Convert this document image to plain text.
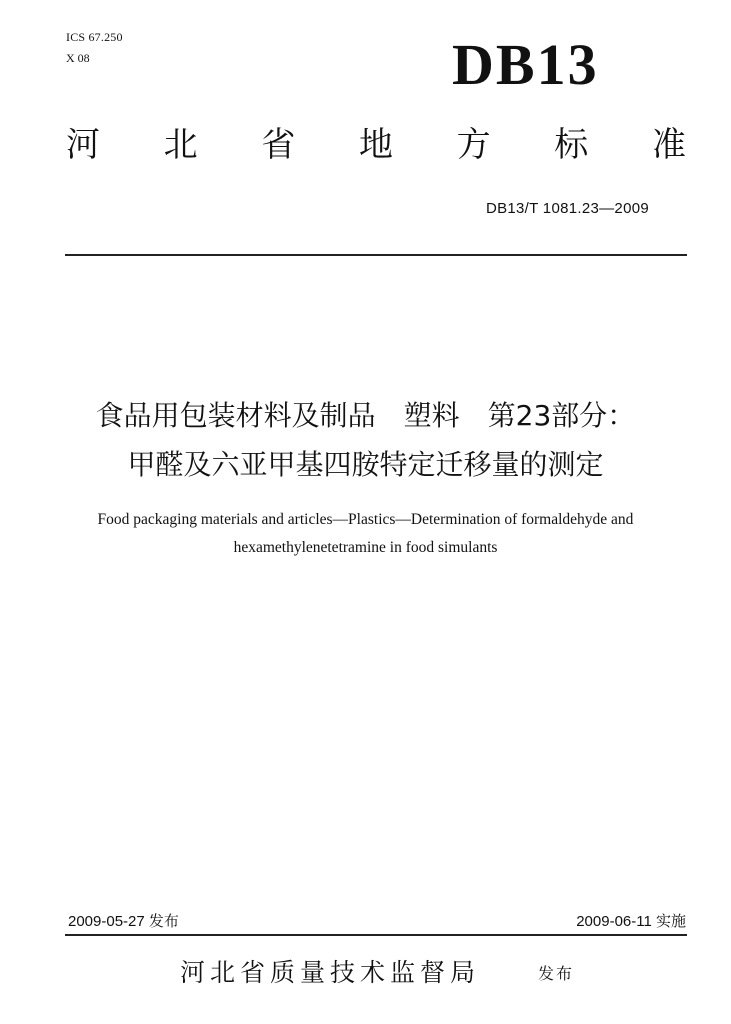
ICS 67.250
X 08	DB13
河 北 省 地 方 标 准
DB13/T 1081.23—2009
食品用包装材料及制品　塑料　第23部分：
甲醛及六亚甲基四胺特定迁移量的测定
Food packaging materials and articles—Plastics—Determination of formaldehyde and
hexamethylenetetramine in food simulants
2009-05-27 发布	2009-06-11 实施
河北省质量技术监督局	发布
